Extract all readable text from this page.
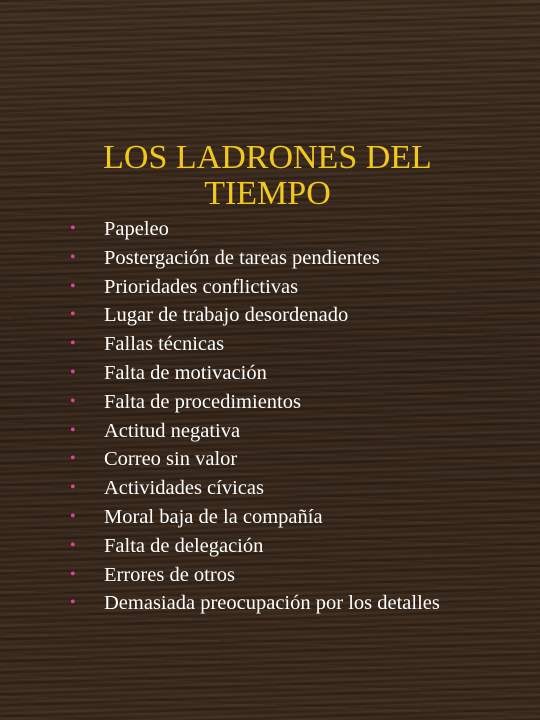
LOS LADRONES DEL TIEMPO
• Papeleo
• Postergación de tareas pendientes
• Prioridades conflictivas
• Lugar de trabajo desordenado
• Fallas técnicas
• Falta de motivación
• Falta de procedimientos
• Actitud negativa
• Correo sin valor
• Actividades cívicas
• Moral baja de la compañía
• Falta de delegación
• Errores de otros
• Demasiada preocupación por los detalles
